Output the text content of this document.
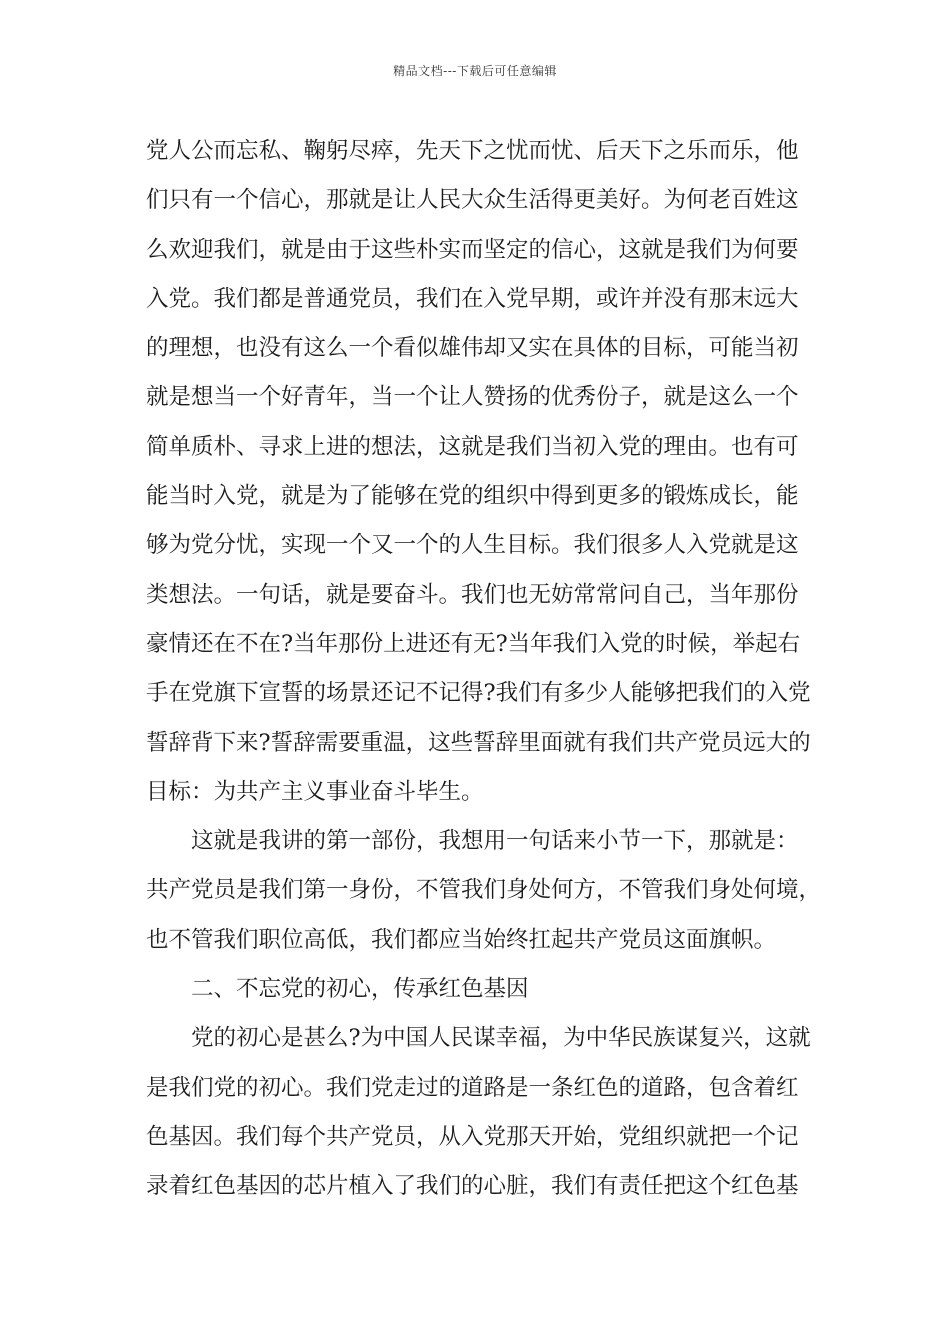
精品文档---下载后可任意编辑
党人公而忘私、鞠躬尽瘁，先天下之忧而忧、后天下之乐而乐，他
们只有一个信心，那就是让人民大众生活得更美好。为何老百姓这
么欢迎我们，就是由于这些朴实而坚定的信心，这就是我们为何要
入党。我们都是普通党员，我们在入党早期，或许并没有那末远大
的理想，也没有这么一个看似雄伟却又实在具体的目标，可能当初
就是想当一个好青年，当一个让人赞扬的优秀份子，就是这么一个
简单质朴、寻求上进的想法，这就是我们当初入党的理由。也有可
能当时入党，就是为了能够在党的组织中得到更多的锻炼成长，能
够为党分忧，实现一个又一个的人生目标。我们很多人入党就是这
类想法。一句话，就是要奋斗。我们也无妨常常问自己，当年那份
豪情还在不在?当年那份上进还有无?当年我们入党的时候，举起右
手在党旗下宣誓的场景还记不记得?我们有多少人能够把我们的入党
誓辞背下来?誓辞需要重温，这些誓辞里面就有我们共产党员远大的
目标：为共产主义事业奋斗毕生。
这就是我讲的第一部份，我想用一句话来小节一下，那就是：
共产党员是我们第一身份，不管我们身处何方，不管我们身处何境，
也不管我们职位高低，我们都应当始终扛起共产党员这面旗帜。
二、不忘党的初心，传承红色基因
党的初心是甚么?为中国人民谋幸福，为中华民族谋复兴，这就
是我们党的初心。我们党走过的道路是一条红色的道路，包含着红
色基因。我们每个共产党员，从入党那天开始，党组织就把一个记
录着红色基因的芯片植入了我们的心脏，我们有责任把这个红色基
